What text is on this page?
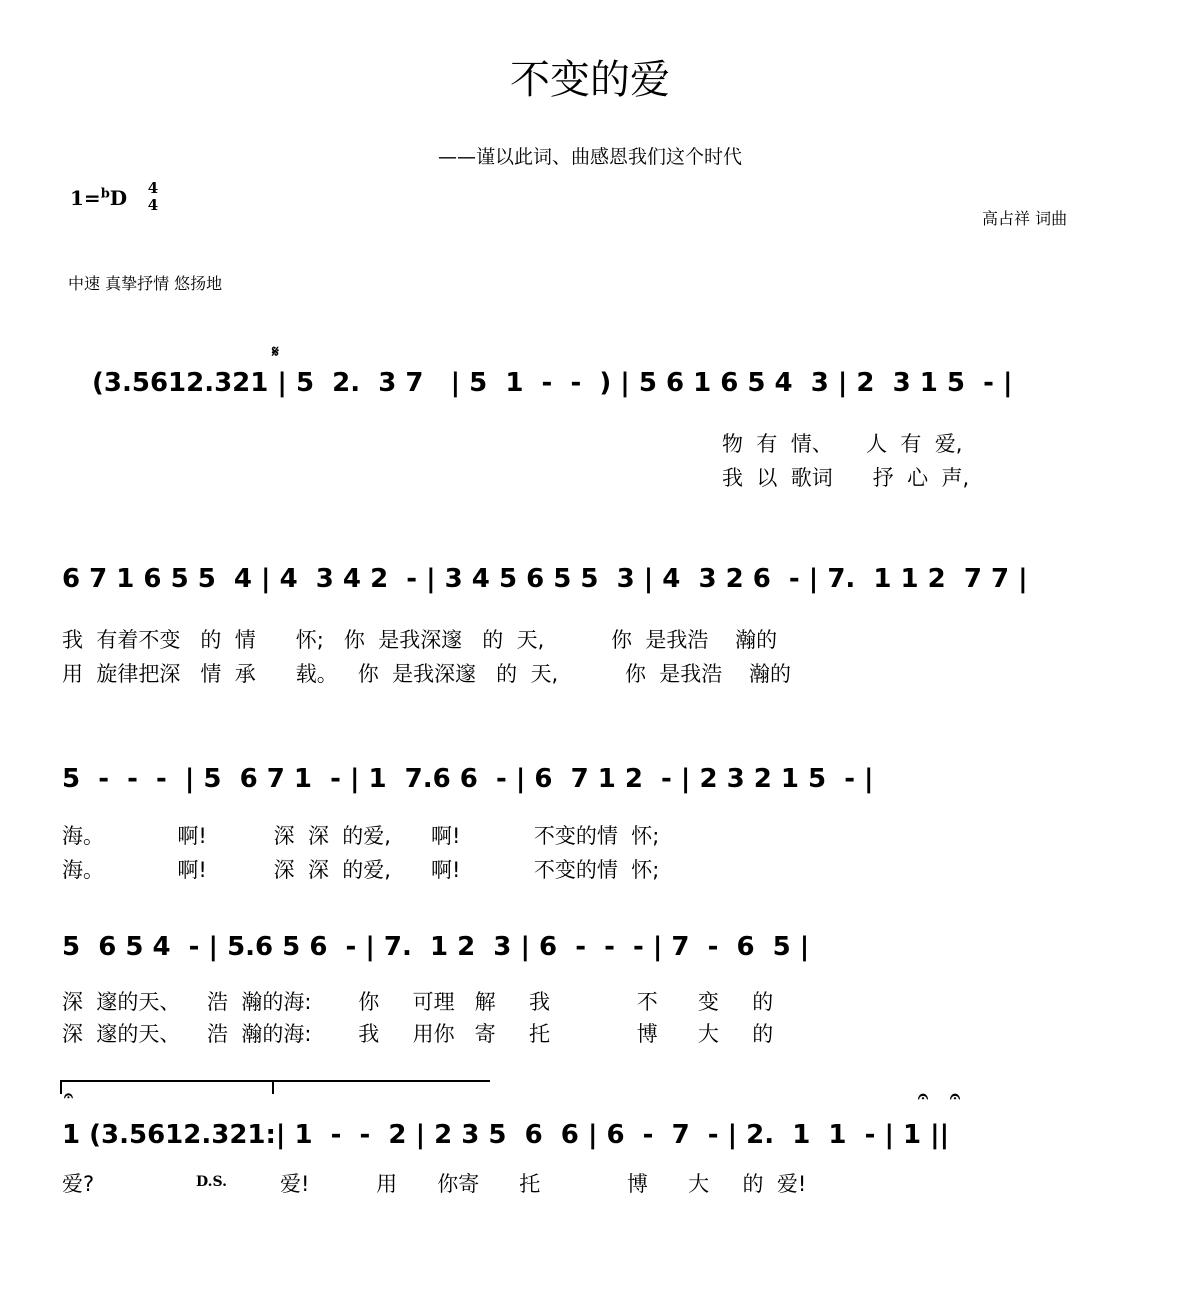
不变的爱
——谨以此词、曲感恩我们这个时代
1=$^b$D 4
4
高占祥 词曲
中速 真挚抒情 悠扬地
(3.5612.321 | 5  2.  3 7   | 5  1  -  -  ) | 5 6 1 6 5 4  3 | 2  3 1 5  - |
物  有  情、     人  有  爱,
我  以  歌词      抒  心  声,
𝄋
6 7 1 6 5 5  4 | 4  3 4 2  - | 3 4 5 6 5 5  3 | 4  3 2 6  - | 7.  1 1 2  7 7 |
我  有着不变   的  情      怀;   你  是我深邃   的  天,          你  是我浩    瀚的
用  旋律把深   情  承      载。   你  是我深邃   的  天,          你  是我浩    瀚的
5  -  -  -  | 5  6 7 1  - | 1  7.6 6  - | 6  7 1 2  - | 2 3 2 1 5  - |
海。           啊!          深  深  的爱,      啊!           不变的情  怀;
海。           啊!          深  深  的爱,      啊!           不变的情  怀;
5  6 5 4  - | 5.6 5 6  - | 7.  1 2  3 | 6  -  -  - | 7  -  6  5 |
深  邃的天、    浩  瀚的海:       你     可理   解     我             不      变     的
深  邃的天、    浩  瀚的海:       我     用你   寄     托             博      大     的
𝄐
1 (3.5612.321:| 1  -  -  2 | 2 3 5  6  6 | 6  -  7  - | 2.  1  1  - | 1 ||
爱?	D.S.	爱!          用      你寄      托             博      大     的  爱!
𝄐 𝄐
